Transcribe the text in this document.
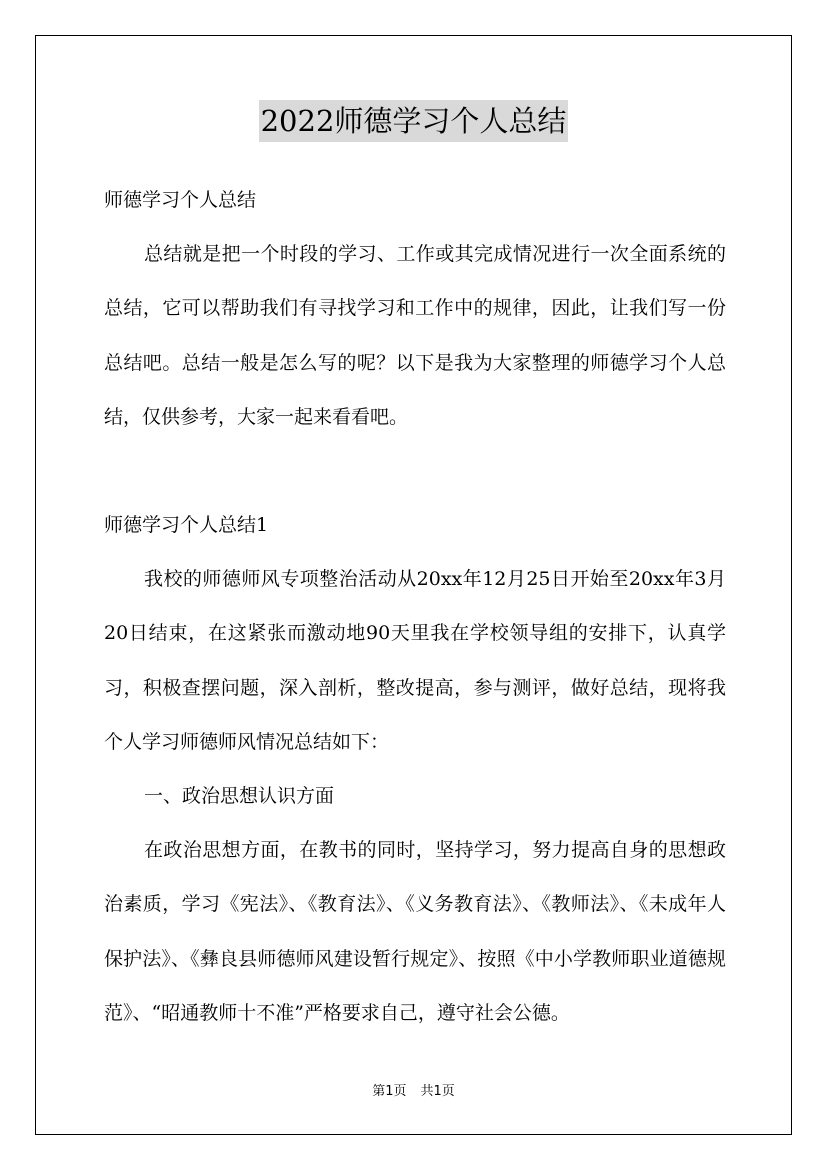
2022师德学习个人总结

师德学习个人总结

总结就是把一个时段的学习、工作或其完成情况进行一次全面系统的总结，它可以帮助我们有寻找学习和工作中的规律，因此，让我们写一份总结吧。总结一般是怎么写的呢？以下是我为大家整理的师德学习个人总结，仅供参考，大家一起来看看吧。

师德学习个人总结1

我校的师德师风专项整治活动从20xx年12月25日开始至20xx年3月20日结束，在这紧张而激动地90天里我在学校领导组的安排下，认真学习，积极查摆问题，深入剖析，整改提高，参与测评，做好总结，现将我个人学习师德师风情况总结如下：

一、政治思想认识方面

在政治思想方面，在教书的同时，坚持学习，努力提高自身的思想政治素质，学习《宪法》、《教育法》、《义务教育法》、《教师法》、《未成年人保护法》、《彝良县师德师风建设暂行规定》、按照《中小学教师职业道德规范》、“昭通教师十不准”严格要求自己，遵守社会公德。

第1页 共1页
